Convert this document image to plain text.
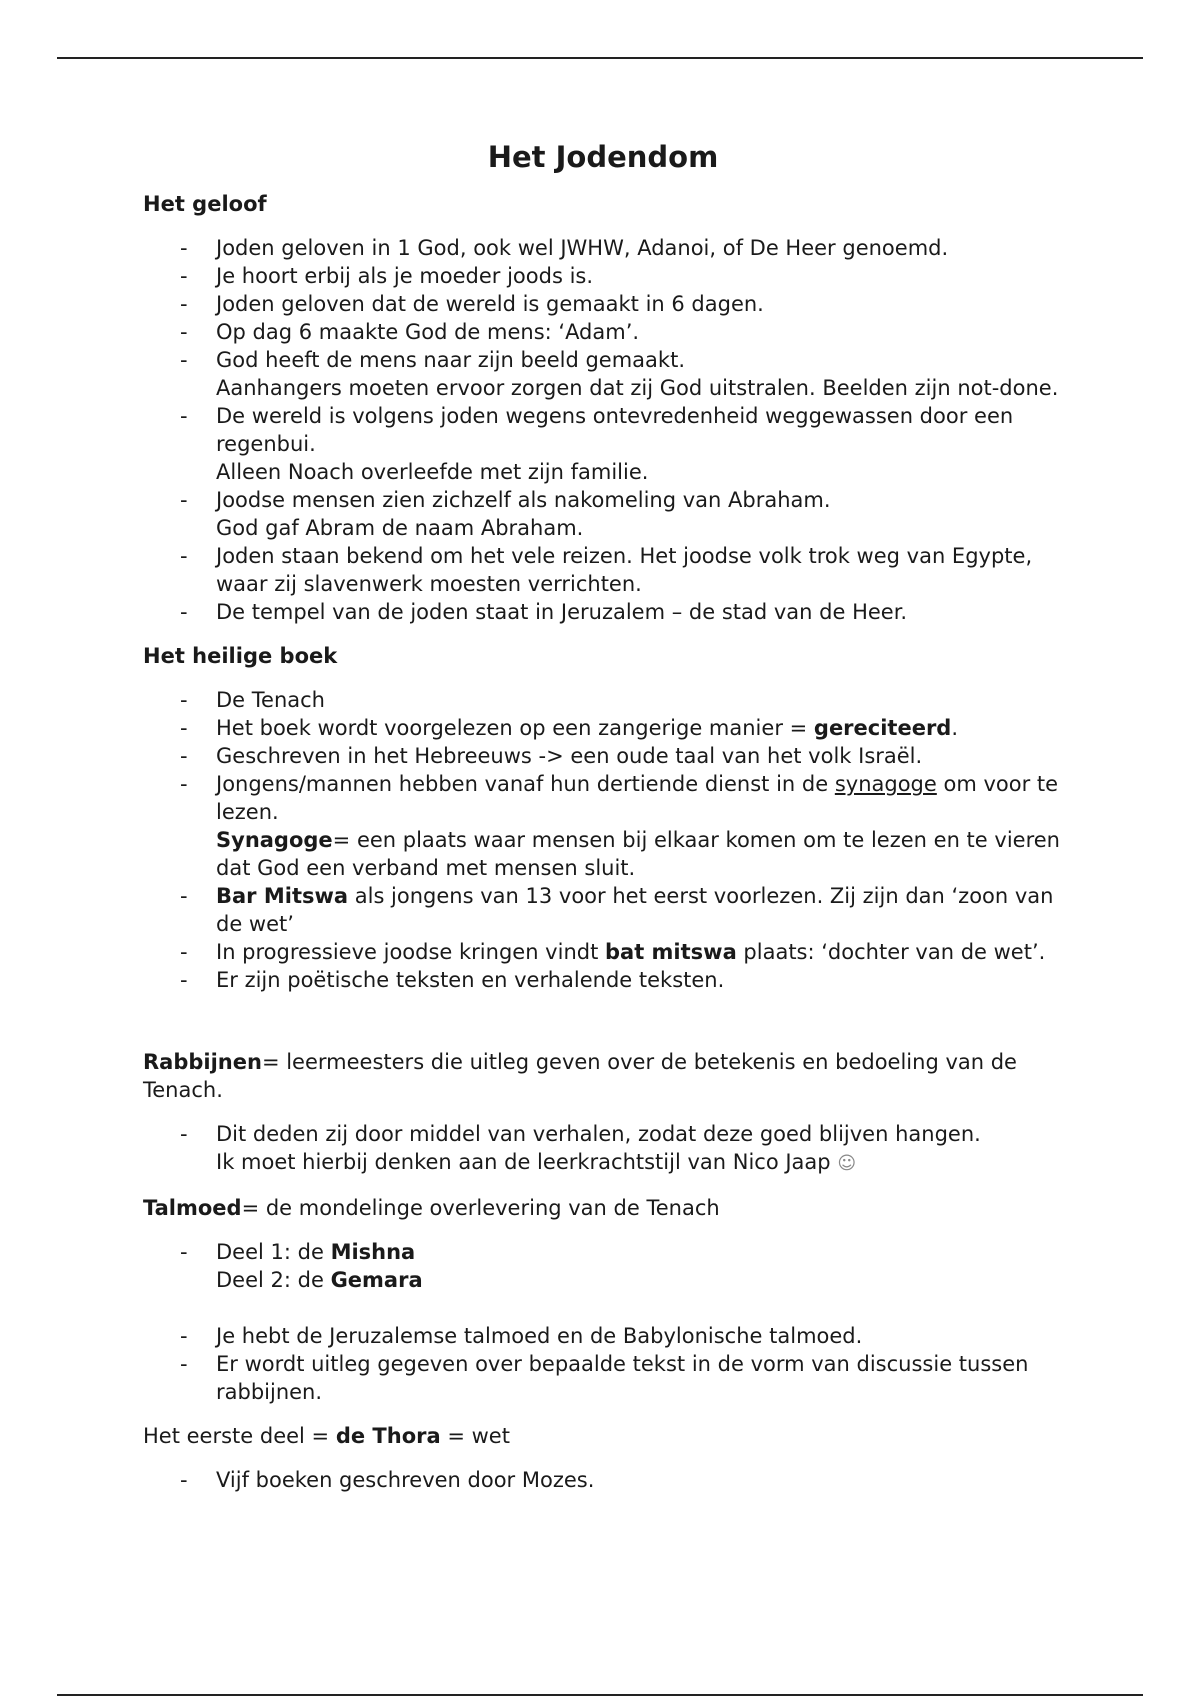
Het Jodendom
Het geloof
- Joden geloven in 1 God, ook wel JWHW, Adanoi, of De Heer genoemd.
- Je hoort erbij als je moeder joods is.
- Joden geloven dat de wereld is gemaakt in 6 dagen.
- Op dag 6 maakte God de mens: ‘Adam’.
- God heeft de mens naar zijn beeld gemaakt.
Aanhangers moeten ervoor zorgen dat zij God uitstralen. Beelden zijn not-done.
- De wereld is volgens joden wegens ontevredenheid weggewassen door een regenbui.
Alleen Noach overleefde met zijn familie.
- Joodse mensen zien zichzelf als nakomeling van Abraham.
God gaf Abram de naam Abraham.
- Joden staan bekend om het vele reizen. Het joodse volk trok weg van Egypte, waar zij slavenwerk moesten verrichten.
- De tempel van de joden staat in Jeruzalem – de stad van de Heer.
Het heilige boek
- De Tenach
- Het boek wordt voorgelezen op een zangerige manier = gereciteerd.
- Geschreven in het Hebreeuws -> een oude taal van het volk Israël.
- Jongens/mannen hebben vanaf hun dertiende dienst in de synagoge om voor te lezen.
Synagoge= een plaats waar mensen bij elkaar komen om te lezen en te vieren dat God een verband met mensen sluit.
- Bar Mitswa als jongens van 13 voor het eerst voorlezen. Zij zijn dan ‘zoon van de wet’
- In progressieve joodse kringen vindt bat mitswa plaats: ‘dochter van de wet’.
- Er zijn poëtische teksten en verhalende teksten.

Rabbijnen= leermeesters die uitleg geven over de betekenis en bedoeling van de Tenach.

- Dit deden zij door middel van verhalen, zodat deze goed blijven hangen.
Ik moet hierbij denken aan de leerkrachtstijl van Nico Jaap ☺

Talmoed= de mondelinge overlevering van de Tenach

- Deel 1: de Mishna
Deel 2: de Gemara
- Je hebt de Jeruzalemse talmoed en de Babylonische talmoed.
- Er wordt uitleg gegeven over bepaalde tekst in de vorm van discussie tussen rabbijnen.

Het eerste deel = de Thora = wet

- Vijf boeken geschreven door Mozes.
